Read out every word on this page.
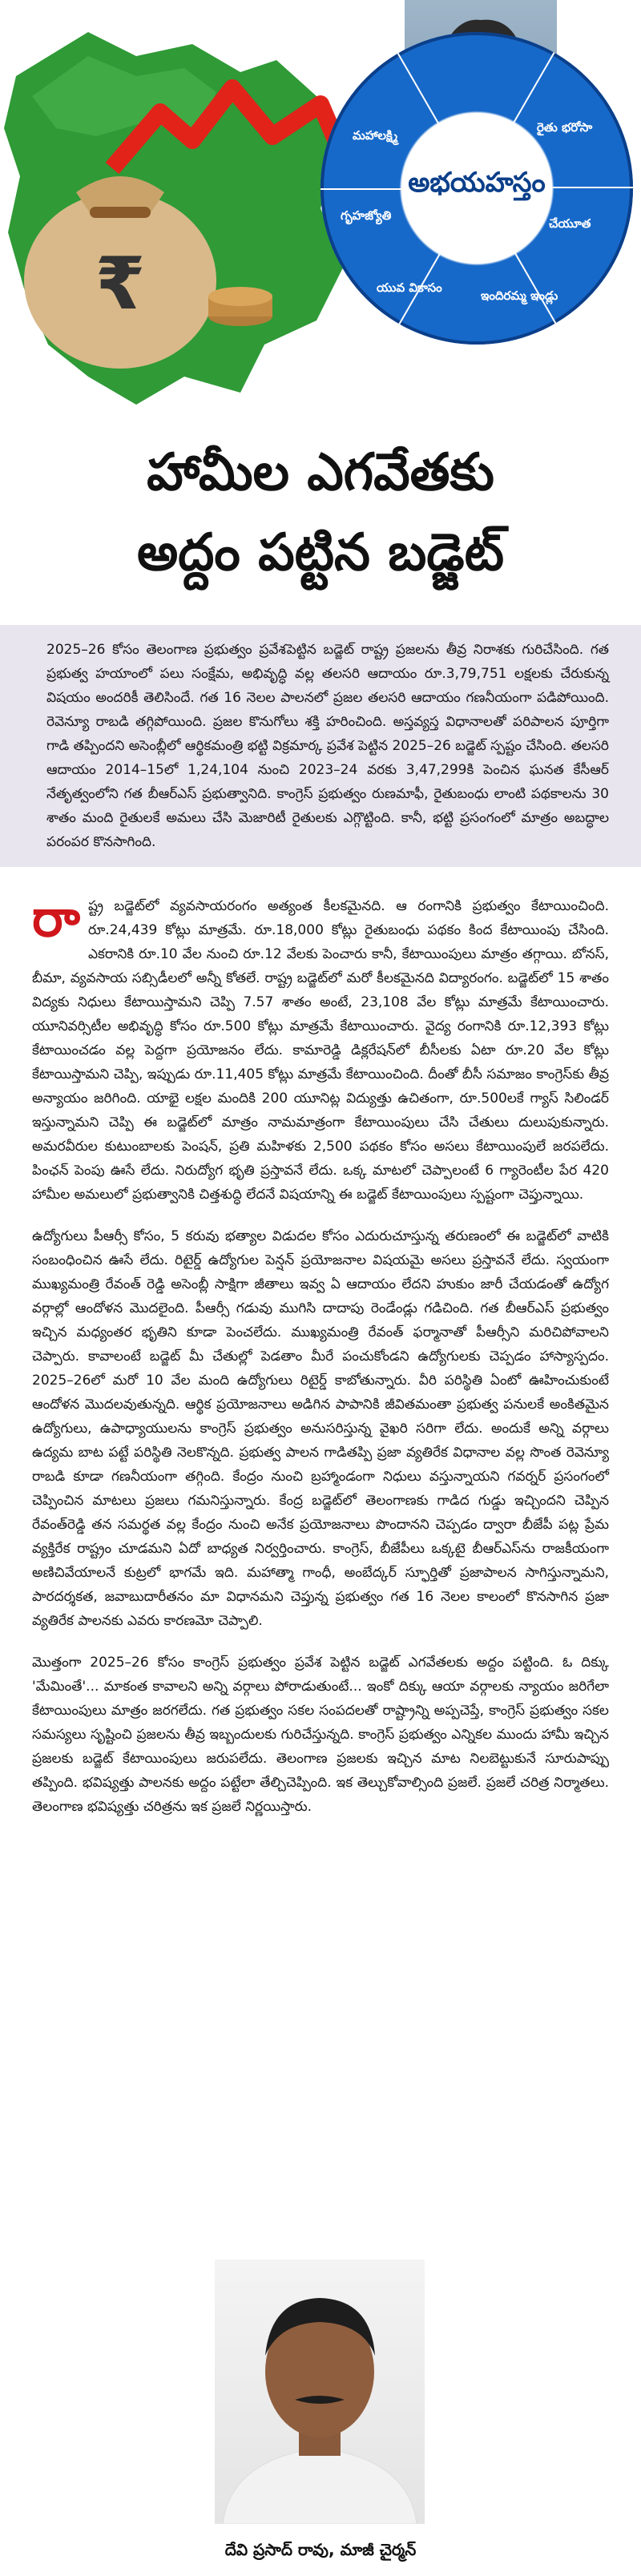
₹
మహాలక్ష్మి
గృహజ్యోతి
రైతు భరోసా
చేయూత
యువ వికాసం
ఇందిరమ్మ ఇండ్లు
అభయహస్తం
హామీల ఎగవేతకు
అద్దం పట్టిన బడ్జెట్

2025–26 కోసం తెలంగాణ ప్రభుత్వం ప్రవేశపెట్టిన బడ్జెట్ రాష్ట్ర ప్రజలను తీవ్ర నిరాశకు గురిచేసింది. గత ప్రభుత్వ హయాంలో పలు సంక్షేమ, అభివృద్ధి వల్ల తలసరి ఆదాయం రూ.3,79,751 లక్షలకు చేరుకున్న విషయం అందరికీ తెలిసిందే. గత 16 నెలల పాలనలో ప్రజల తలసరి ఆదాయం గణనీయంగా పడిపోయింది. రెవెన్యూ రాబడి తగ్గిపోయింది. ప్రజల కొనుగోలు శక్తి హరించింది. అస్తవ్యస్త విధానాలతో పరిపాలన పూర్తిగా గాడి తప్పిందని అసెంబ్లీలో ఆర్థికమంత్రి భట్టి విక్రమార్క ప్రవేశ పెట్టిన 2025–26 బడ్జెట్ స్పష్టం చేసింది. తలసరి ఆదాయం 2014–15లో 1,24,104 నుంచి 2023–24 వరకు 3,47,299కి పెంచిన ఘనత కేసీఆర్ నేతృత్వంలోని గత బీఆర్‌ఎస్ ప్రభుత్వానిది. కాంగ్రెస్ ప్రభుత్వం రుణమాఫీ, రైతుబంధు లాంటి పథకాలను 30 శాతం మంది రైతులకే అమలు చేసి మెజారిటీ రైతులకు ఎగ్గొట్టింది. కానీ, భట్టి ప్రసంగంలో మాత్రం అబద్ధాల పరంపర కొనసాగింది.

రాష్ట్ర బడ్జెట్‌లో వ్యవసాయరంగం అత్యంత కీలకమైనది. ఆ రంగానికి ప్రభుత్వం కేటాయించింది. రూ.24,439 కోట్లు మాత్రమే. రూ.18,000 కోట్లు రైతుబంధు పథకం కింద కేటాయింపు చేసింది. ఎకరానికి రూ.10 వేల నుంచి రూ.12 వేలకు పెంచారు కానీ, కేటాయింపులు మాత్రం తగ్గాయి. బోనస్, బీమా, వ్యవసాయ సబ్సిడీలలో అన్నీ కోతలే. రాష్ట్ర బడ్జెట్‌లో మరో కీలకమైనది విద్యారంగం. బడ్జెట్‌లో 15 శాతం విద్యకు నిధులు కేటాయిస్తామని చెప్పి 7.57 శాతం అంటే, 23,108 వేల కోట్లు మాత్రమే కేటాయించారు. యూనివర్సిటీల అభివృద్ధి కోసం రూ.500 కోట్లు మాత్రమే కేటాయించారు. వైద్య రంగానికి రూ.12,393 కోట్లు కేటాయించడం వల్ల పెద్దగా ప్రయోజనం లేదు. కామారెడ్డి డిక్లరేషన్‌లో బీసీలకు ఏటా రూ.20 వేల కోట్లు కేటాయిస్తామని చెప్పి, ఇప్పుడు రూ.11,405 కోట్లు మాత్రమే కేటాయించింది. దీంతో బీసీ సమాజం కాంగ్రెస్‌కు తీవ్ర అన్యాయం జరిగింది. యాభై లక్షల మందికి 200 యూనిట్ల విద్యుత్తు ఉచితంగా, రూ.500లకే గ్యాస్ సిలిండర్ ఇస్తున్నామని చెప్పి ఈ బడ్జెట్‌లో మాత్రం నామమాత్రంగా కేటాయింపులు చేసి చేతులు దులుపుకున్నారు. అమరవీరుల కుటుంబాలకు పెంషన్, ప్రతి మహిళకు 2,500 పథకం కోసం అసలు కేటాయింపులే జరపలేదు. పింఛన్ పెంపు ఊసే లేదు. నిరుద్యోగ భృతి ప్రస్తావనే లేదు. ఒక్క మాటలో చెప్పాలంటే 6 గ్యారెంటీల పేర 420 హామీల అమలులో ప్రభుత్వానికి చిత్తశుద్ధి లేదనే విషయాన్ని ఈ బడ్జెట్ కేటాయింపులు స్పష్టంగా చెప్తున్నాయి.

ఉద్యోగులు పీఆర్సీ కోసం, 5 కరువు భత్యాల విడుదల కోసం ఎదురుచూస్తున్న తరుణంలో ఈ బడ్జెట్‌లో వాటికి సంబంధించిన ఊసే లేదు. రిటైర్డ్ ఉద్యోగుల పెన్షన్ ప్రయోజనాల విషయమై అసలు ప్రస్తావనే లేదు. స్వయంగా ముఖ్యమంత్రి రేవంత్ రెడ్డి అసెంబ్లీ సాక్షిగా జీతాలు ఇవ్వ ఏ ఆదాయం లేదని హుకుం జారీ చేయడంతో ఉద్యోగ వర్గాల్లో ఆందోళన మొదలైంది. పీఆర్సీ గడువు ముగిసి దాదాపు రెండేండ్లు గడిచింది. గత బీఆర్‌ఎస్ ప్రభుత్వం ఇచ్చిన మధ్యంతర భృతిని కూడా పెంచలేదు. ముఖ్యమంత్రి రేవంత్ ఫర్మానాతో పీఆర్సీని మరిచిపోవాలని చెప్పారు. కావాలంటే బడ్జెట్ మీ చేతుల్లో పెడతాం మీరే పంచుకోండని ఉద్యోగులకు చెప్పడం హాస్యాస్పదం. 2025–26లో మరో 10 వేల మంది ఉద్యోగులు రిటైర్డ్ కాబోతున్నారు. వీరి పరిస్థితి ఏంటో ఊహించుకుంటే ఆందోళన మొదలవుతున్నది. ఆర్థిక ప్రయోజనాలు అడిగిన పాపానికి జీవితమంతా ప్రభుత్వ పనులకే అంకితమైన ఉద్యోగులు, ఉపాధ్యాయులను కాంగ్రెస్ ప్రభుత్వం అనుసరిస్తున్న వైఖరి సరిగా లేదు. అందుకే అన్ని వర్గాలు ఉద్యమ బాట పట్టే పరిస్థితి నెలకొన్నది. ప్రభుత్వ పాలన గాడితప్పి ప్రజా వ్యతిరేక విధానాల వల్ల సొంత రెవెన్యూ రాబడి కూడా గణనీయంగా తగ్గింది. కేంద్రం నుంచి బ్రహ్మాండంగా నిధులు వస్తున్నాయని గవర్నర్ ప్రసంగంలో చెప్పించిన మాటలు ప్రజలు గమనిస్తున్నారు. కేంద్ర బడ్జెట్‌లో తెలంగాణకు గాడిద గుడ్డు ఇచ్చిందని చెప్పిన రేవంత్‌రెడ్డి తన సమర్థత వల్ల కేంద్రం నుంచి అనేక ప్రయోజనాలు పొందానని చెప్పడం ద్వారా బీజేపీ పట్ల ప్రేమ వ్యక్తిరేక రాష్ట్రం చూడమని ఏదో బాధ్యత నిర్వర్తించారు. కాంగ్రెస్, బీజేపీలు ఒక్కటై బీఆర్‌ఎస్‌ను రాజకీయంగా అణిచివేయాలనే కుట్రలో భాగమే ఇది. మహాత్మా గాంధీ, అంబేద్కర్ స్ఫూర్తితో ప్రజాపాలన సాగిస్తున్నామని, పారదర్శకత, జవాబుదారీతనం మా విధానమని చెప్తున్న ప్రభుత్వం గత 16 నెలల కాలంలో కొనసాగిన ప్రజా వ్యతిరేక పాలనకు ఎవరు కారణమో చెప్పాలి.

మొత్తంగా 2025–26 కోసం కాంగ్రెస్ ప్రభుత్వం ప్రవేశ పెట్టిన బడ్జెట్ ఎగవేతలకు అద్దం పట్టింది. ఓ దిక్కు 'మేమింతే'... మాకంత కావాలని అన్ని వర్గాలు పోరాడుతుంటే... ఇంకో దిక్కు ఆయా వర్గాలకు న్యాయం జరిగేలా కేటాయింపులు మాత్రం జరగలేదు. గత ప్రభుత్వం సకల సంపదలతో రాష్ట్రాన్ని అప్పచెప్తే, కాంగ్రెస్ ప్రభుత్వం సకల సమస్యలు సృష్టించి ప్రజలను తీవ్ర ఇబ్బందులకు గురిచేస్తున్నది. కాంగ్రెస్ ప్రభుత్వం ఎన్నికల ముందు హామీ ఇచ్చిన ప్రజలకు బడ్జెట్ కేటాయింపులు జరుపలేదు. తెలంగాణ ప్రజలకు ఇచ్చిన మాట నిలబెట్టుకునే సూరుపాప్పు తప్పింది. భవిష్యత్తు పాలనకు అద్దం పట్టేలా తేల్చిచెప్పింది. ఇక తెల్చుకోవాల్సింది ప్రజలే. ప్రజలే చరిత్ర నిర్మాతలు. తెలంగాణ భవిష్యత్తు చరిత్రను ఇక ప్రజలే నిర్ణయిస్తారు.

దేవి ప్రసాద్ రావు, మాజీ చైర్మన్
